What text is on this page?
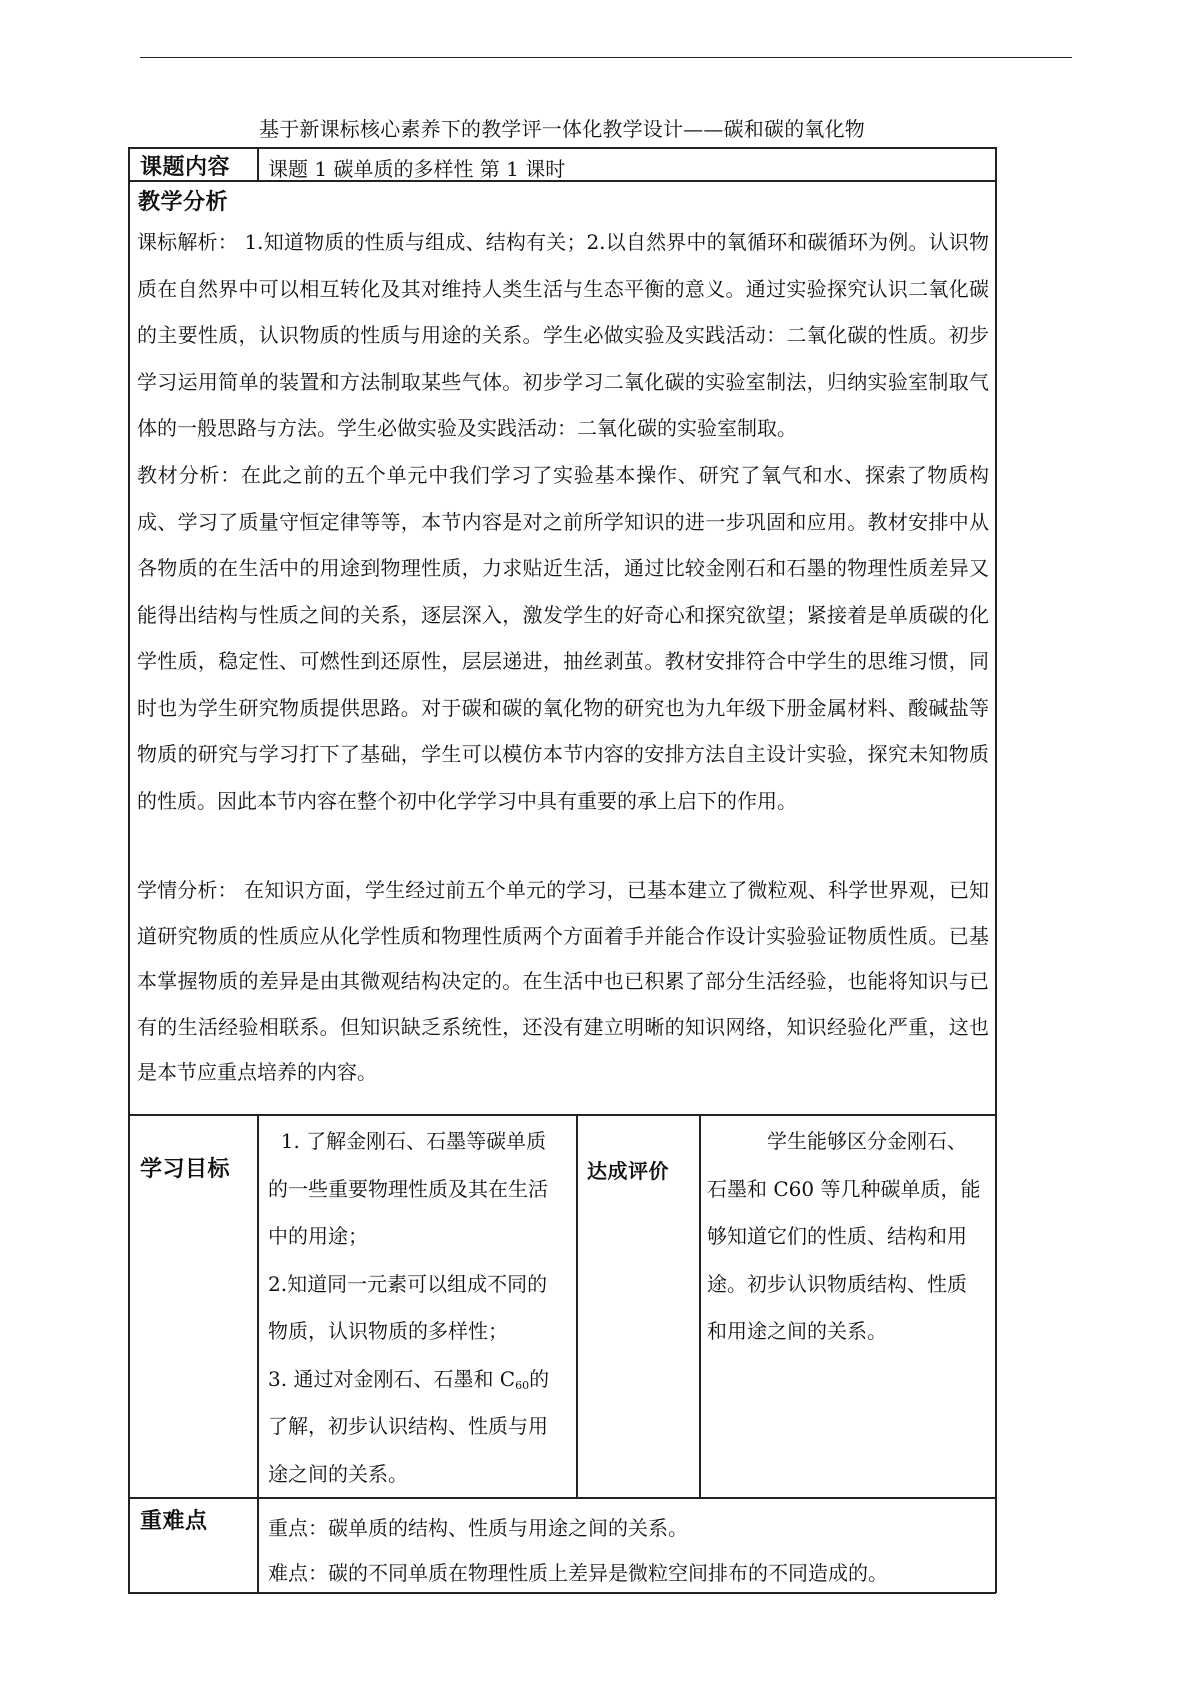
基于新课标核心素养下的教学评一体化教学设计——碳和碳的氧化物
课题内容 课题 1 碳单质的多样性 第 1 课时
教学分析

课标解析： 1.知道物质的性质与组成、结构有关；2.以自然界中的氧循环和碳循环为例。认识物质在自然界中可以相互转化及其对维持人类生活与生态平衡的意义。通过实验探究认识二氧化碳的主要性质，认识物质的性质与用途的关系。学生必做实验及实践活动：二氧化碳的性质。初步学习运用简单的装置和方法制取某些气体。初步学习二氧化碳的实验室制法，归纳实验室制取气体的一般思路与方法。学生必做实验及实践活动：二氧化碳的实验室制取。

教材分析：在此之前的五个单元中我们学习了实验基本操作、研究了氧气和水、探索了物质构成、学习了质量守恒定律等等，本节内容是对之前所学知识的进一步巩固和应用。教材安排中从各物质的在生活中的用途到物理性质，力求贴近生活，通过比较金刚石和石墨的物理性质差异又能得出结构与性质之间的关系，逐层深入，激发学生的好奇心和探究欲望；紧接着是单质碳的化学性质，稳定性、可燃性到还原性，层层递进，抽丝剥茧。教材安排符合中学生的思维习惯，同时也为学生研究物质提供思路。对于碳和碳的氧化物的研究也为九年级下册金属材料、酸碱盐等物质的研究与学习打下了基础，学生可以模仿本节内容的安排方法自主设计实验，探究未知物质的性质。因此本节内容在整个初中化学学习中具有重要的承上启下的作用。

学情分析： 在知识方面，学生经过前五个单元的学习，已基本建立了微粒观、科学世界观，已知道研究物质的性质应从化学性质和物理性质两个方面着手并能合作设计实验验证物质性质。已基本掌握物质的差异是由其微观结构决定的。在生活中也已积累了部分生活经验，也能将知识与已有的生活经验相联系。但知识缺乏系统性，还没有建立明晰的知识网络，知识经验化严重，这也是本节应重点培养的内容。

学习目标
1. 了解金刚石、石墨等碳单质
的一些重要物理性质及其在生活
中的用途；
2.知道同一元素可以组成不同的
物质，认识物质的多样性；
3. 通过对金刚石、石墨和 $C_{60}$的
了解，初步认识结构、性质与用
途之间的关系。
达成评价
学生能够区分金刚石、
石墨和 C60 等几种碳单质，能
够知道它们的性质、结构和用
途。初步认识物质结构、性质
和用途之间的关系。
重难点	重点：碳单质的结构、性质与用途之间的关系。
难点：碳的不同单质在物理性质上差异是微粒空间排布的不同造成的。
